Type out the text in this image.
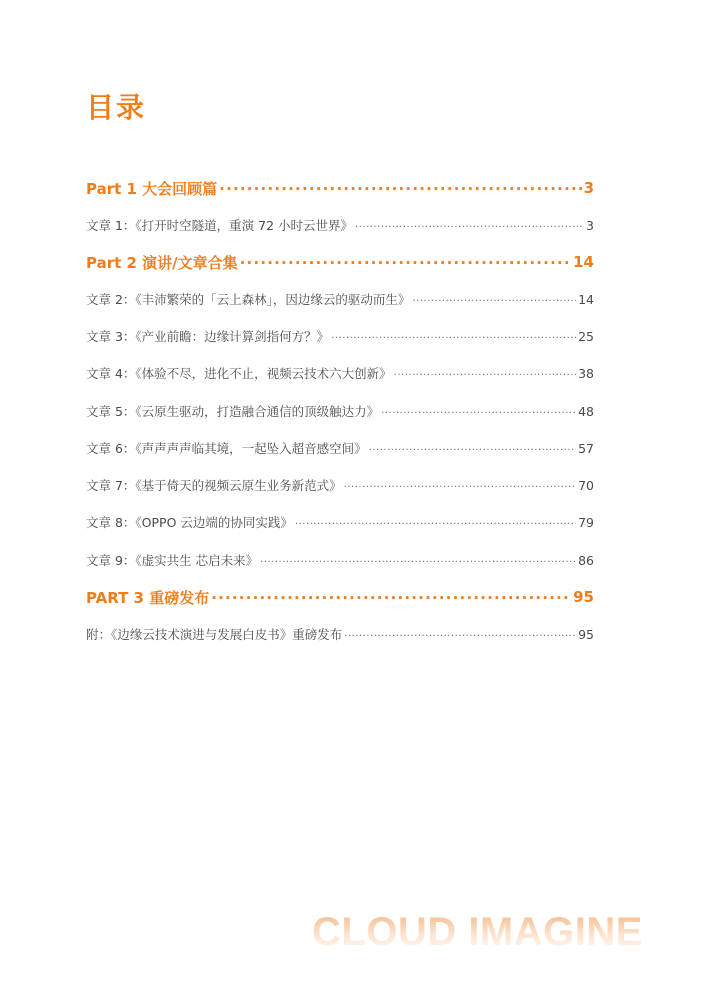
目录
Part 1 大会回顾篇 .....	3
文章 1：《打开时空隧道，重演 72 小时云世界》 .....	3
Part 2 演讲/文章合集 .....	14
文章 2：《丰沛繁荣的「云上森林」，因边缘云的驱动而生》 .....	14
文章 3：《产业前瞻：边缘计算剑指何方？》 .....	25
文章 4：《体验不尽，进化不止，视频云技术六大创新》 .....	38
文章 5：《云原生驱动，打造融合通信的顶级触达力》 .....	48
文章 6：《声声声声临其境，一起坠入超音感空间》 .....	57
文章 7：《基于倚天的视频云原生业务新范式》 .....	70
文章 8：《OPPO 云边端的协同实践》 .....	79
文章 9：《虚实共生 芯启未来》 .....	86
PART 3 重磅发布 .....	95
附：《边缘云技术演进与发展白皮书》重磅发布 .....	95
CLOUD IMAGINE
